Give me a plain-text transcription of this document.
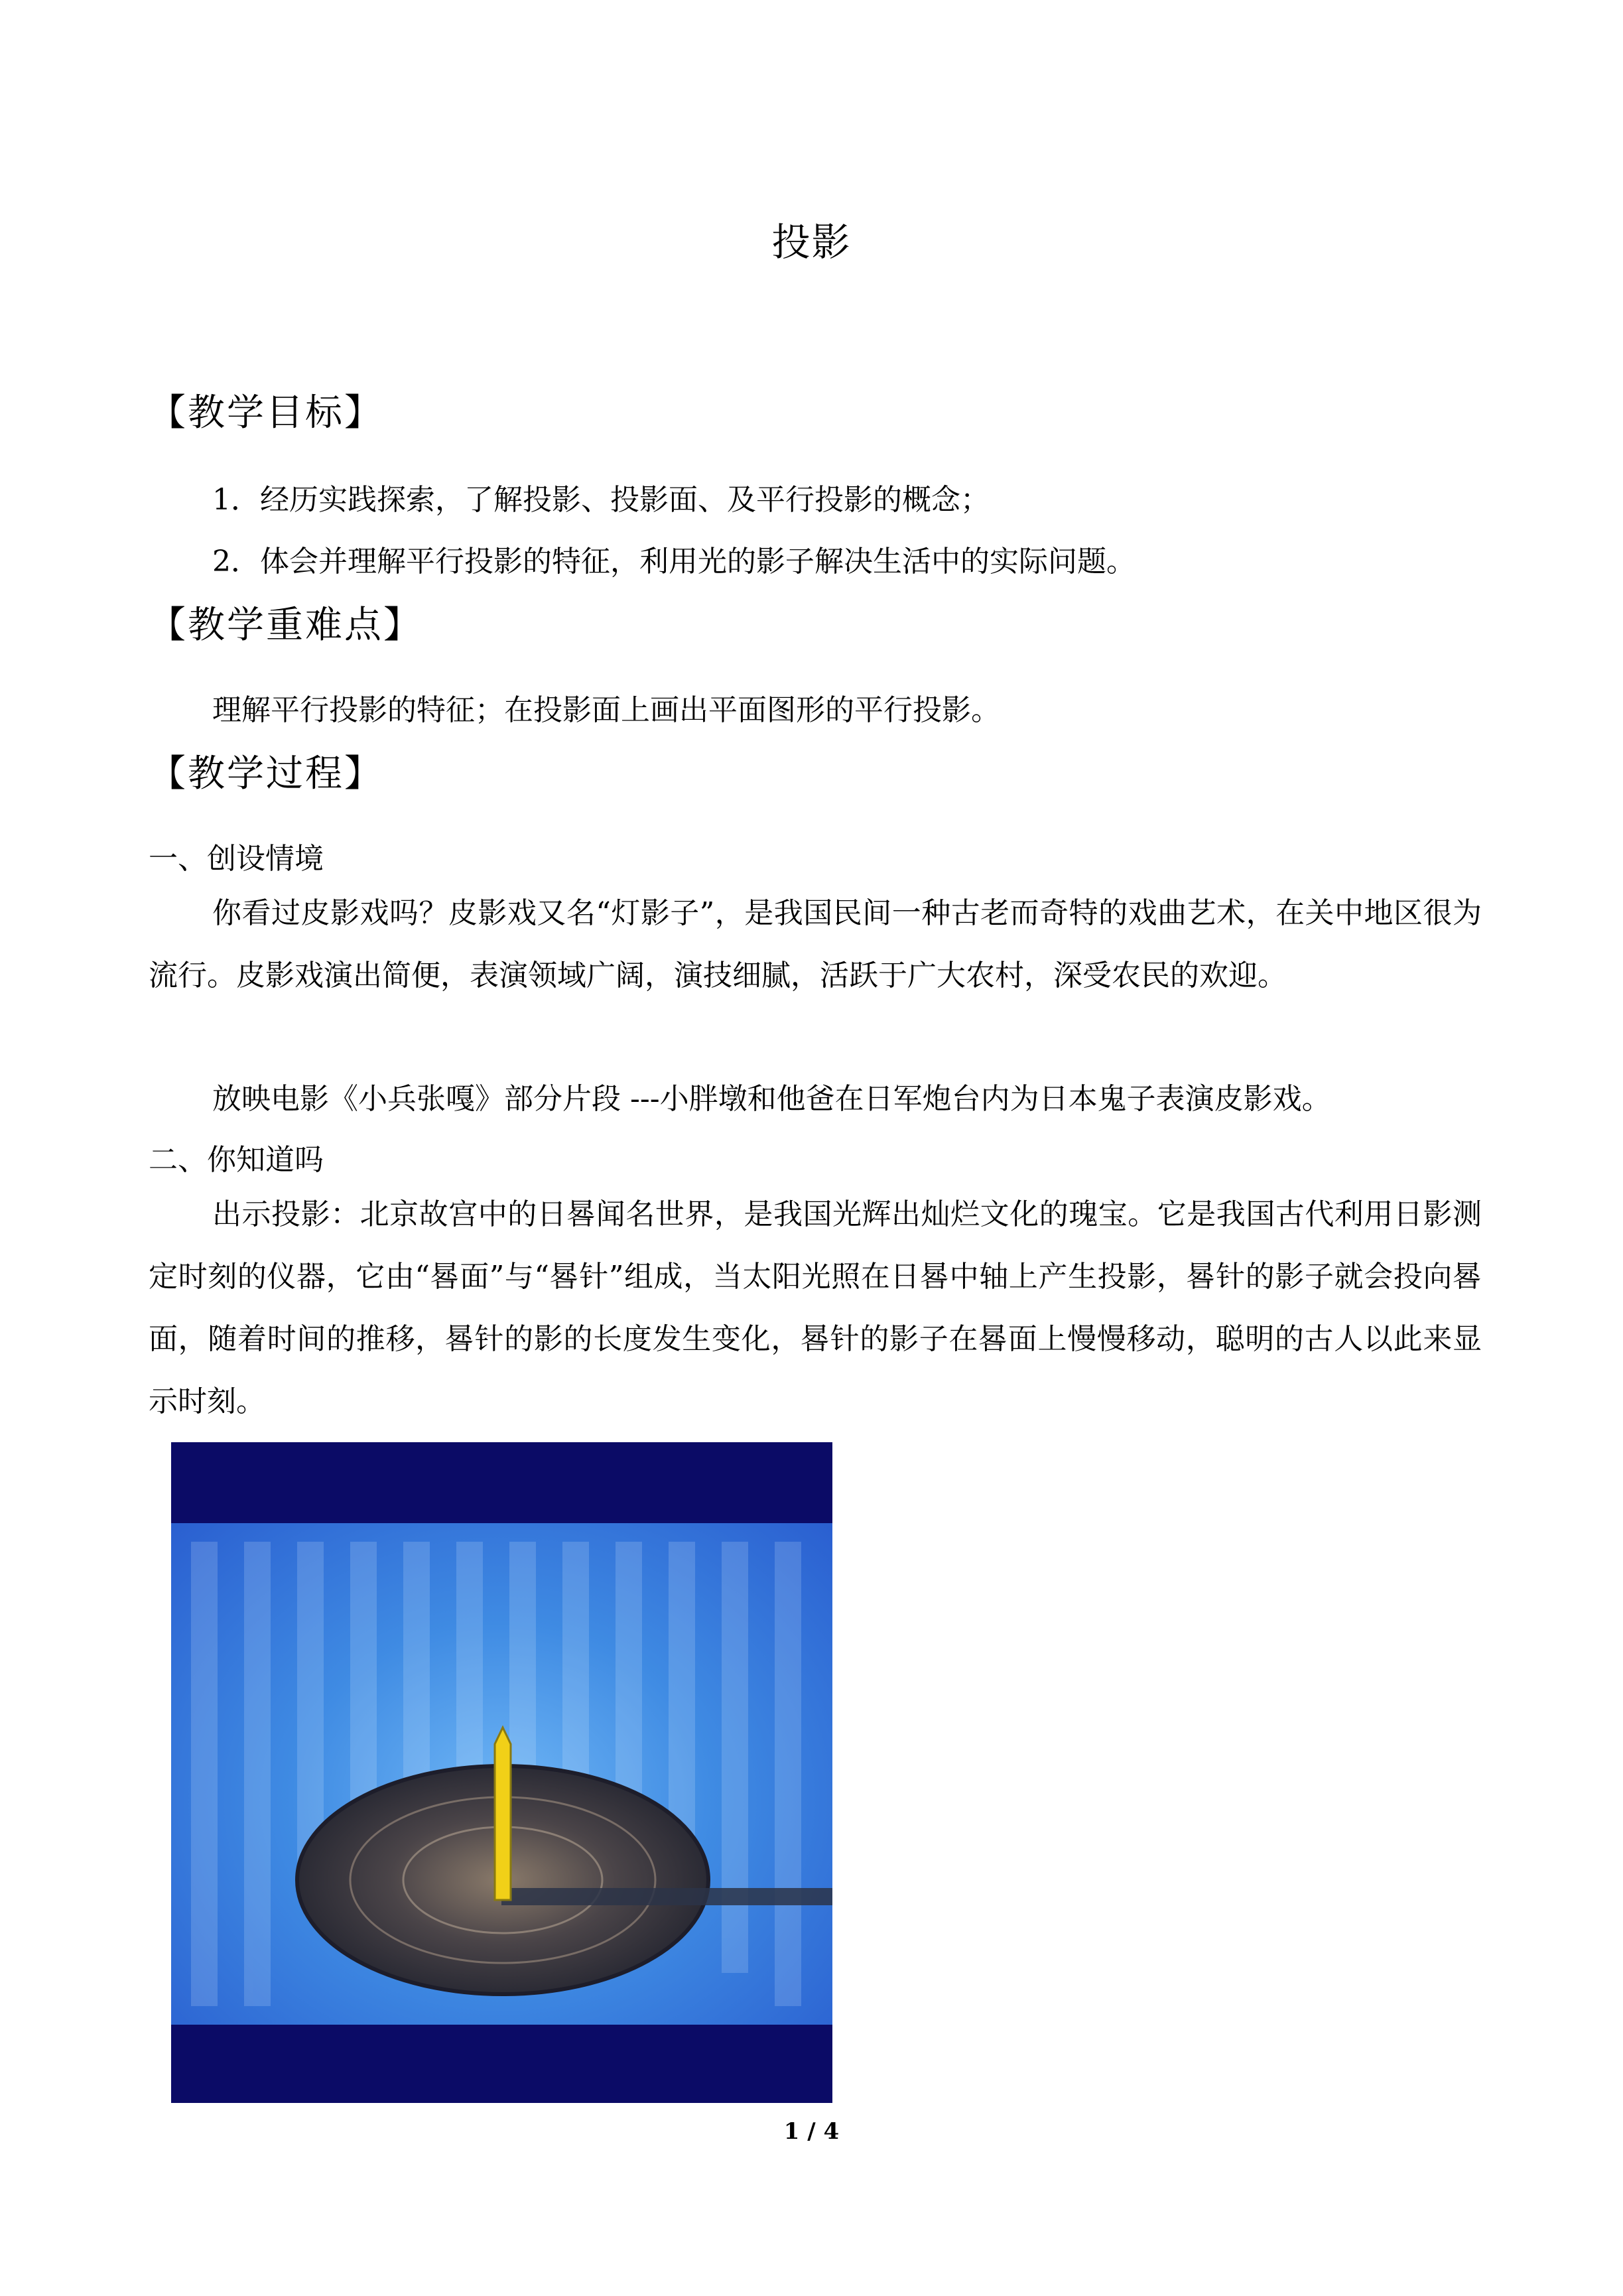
投影
【教学目标】
1．经历实践探索，了解投影、投影面、及平行投影的概念；
2．体会并理解平行投影的特征，利用光的影子解决生活中的实际问题。
【教学重难点】
理解平行投影的特征；在投影面上画出平面图形的平行投影。
【教学过程】
一、创设情境
你看过皮影戏吗？皮影戏又名“灯影子”，是我国民间一种古老而奇特的戏曲艺术，在关中地区很为流行。皮影戏演出简便，表演领域广阔，演技细腻，活跃于广大农村，深受农民的欢迎。
放映电影《小兵张嘎》部分片段 ---小胖墩和他爸在日军炮台内为日本鬼子表演皮影戏。
二、你知道吗
出示投影：北京故宫中的日晷闻名世界，是我国光辉出灿烂文化的瑰宝。它是我国古代利用日影测定时刻的仪器，它由“晷面”与“晷针”组成，当太阳光照在日晷中轴上产生投影，晷针的影子就会投向晷面，随着时间的推移，晷针的影的长度发生变化，晷针的影子在晷面上慢慢移动，聪明的古人以此来显示时刻。
1 / 4
